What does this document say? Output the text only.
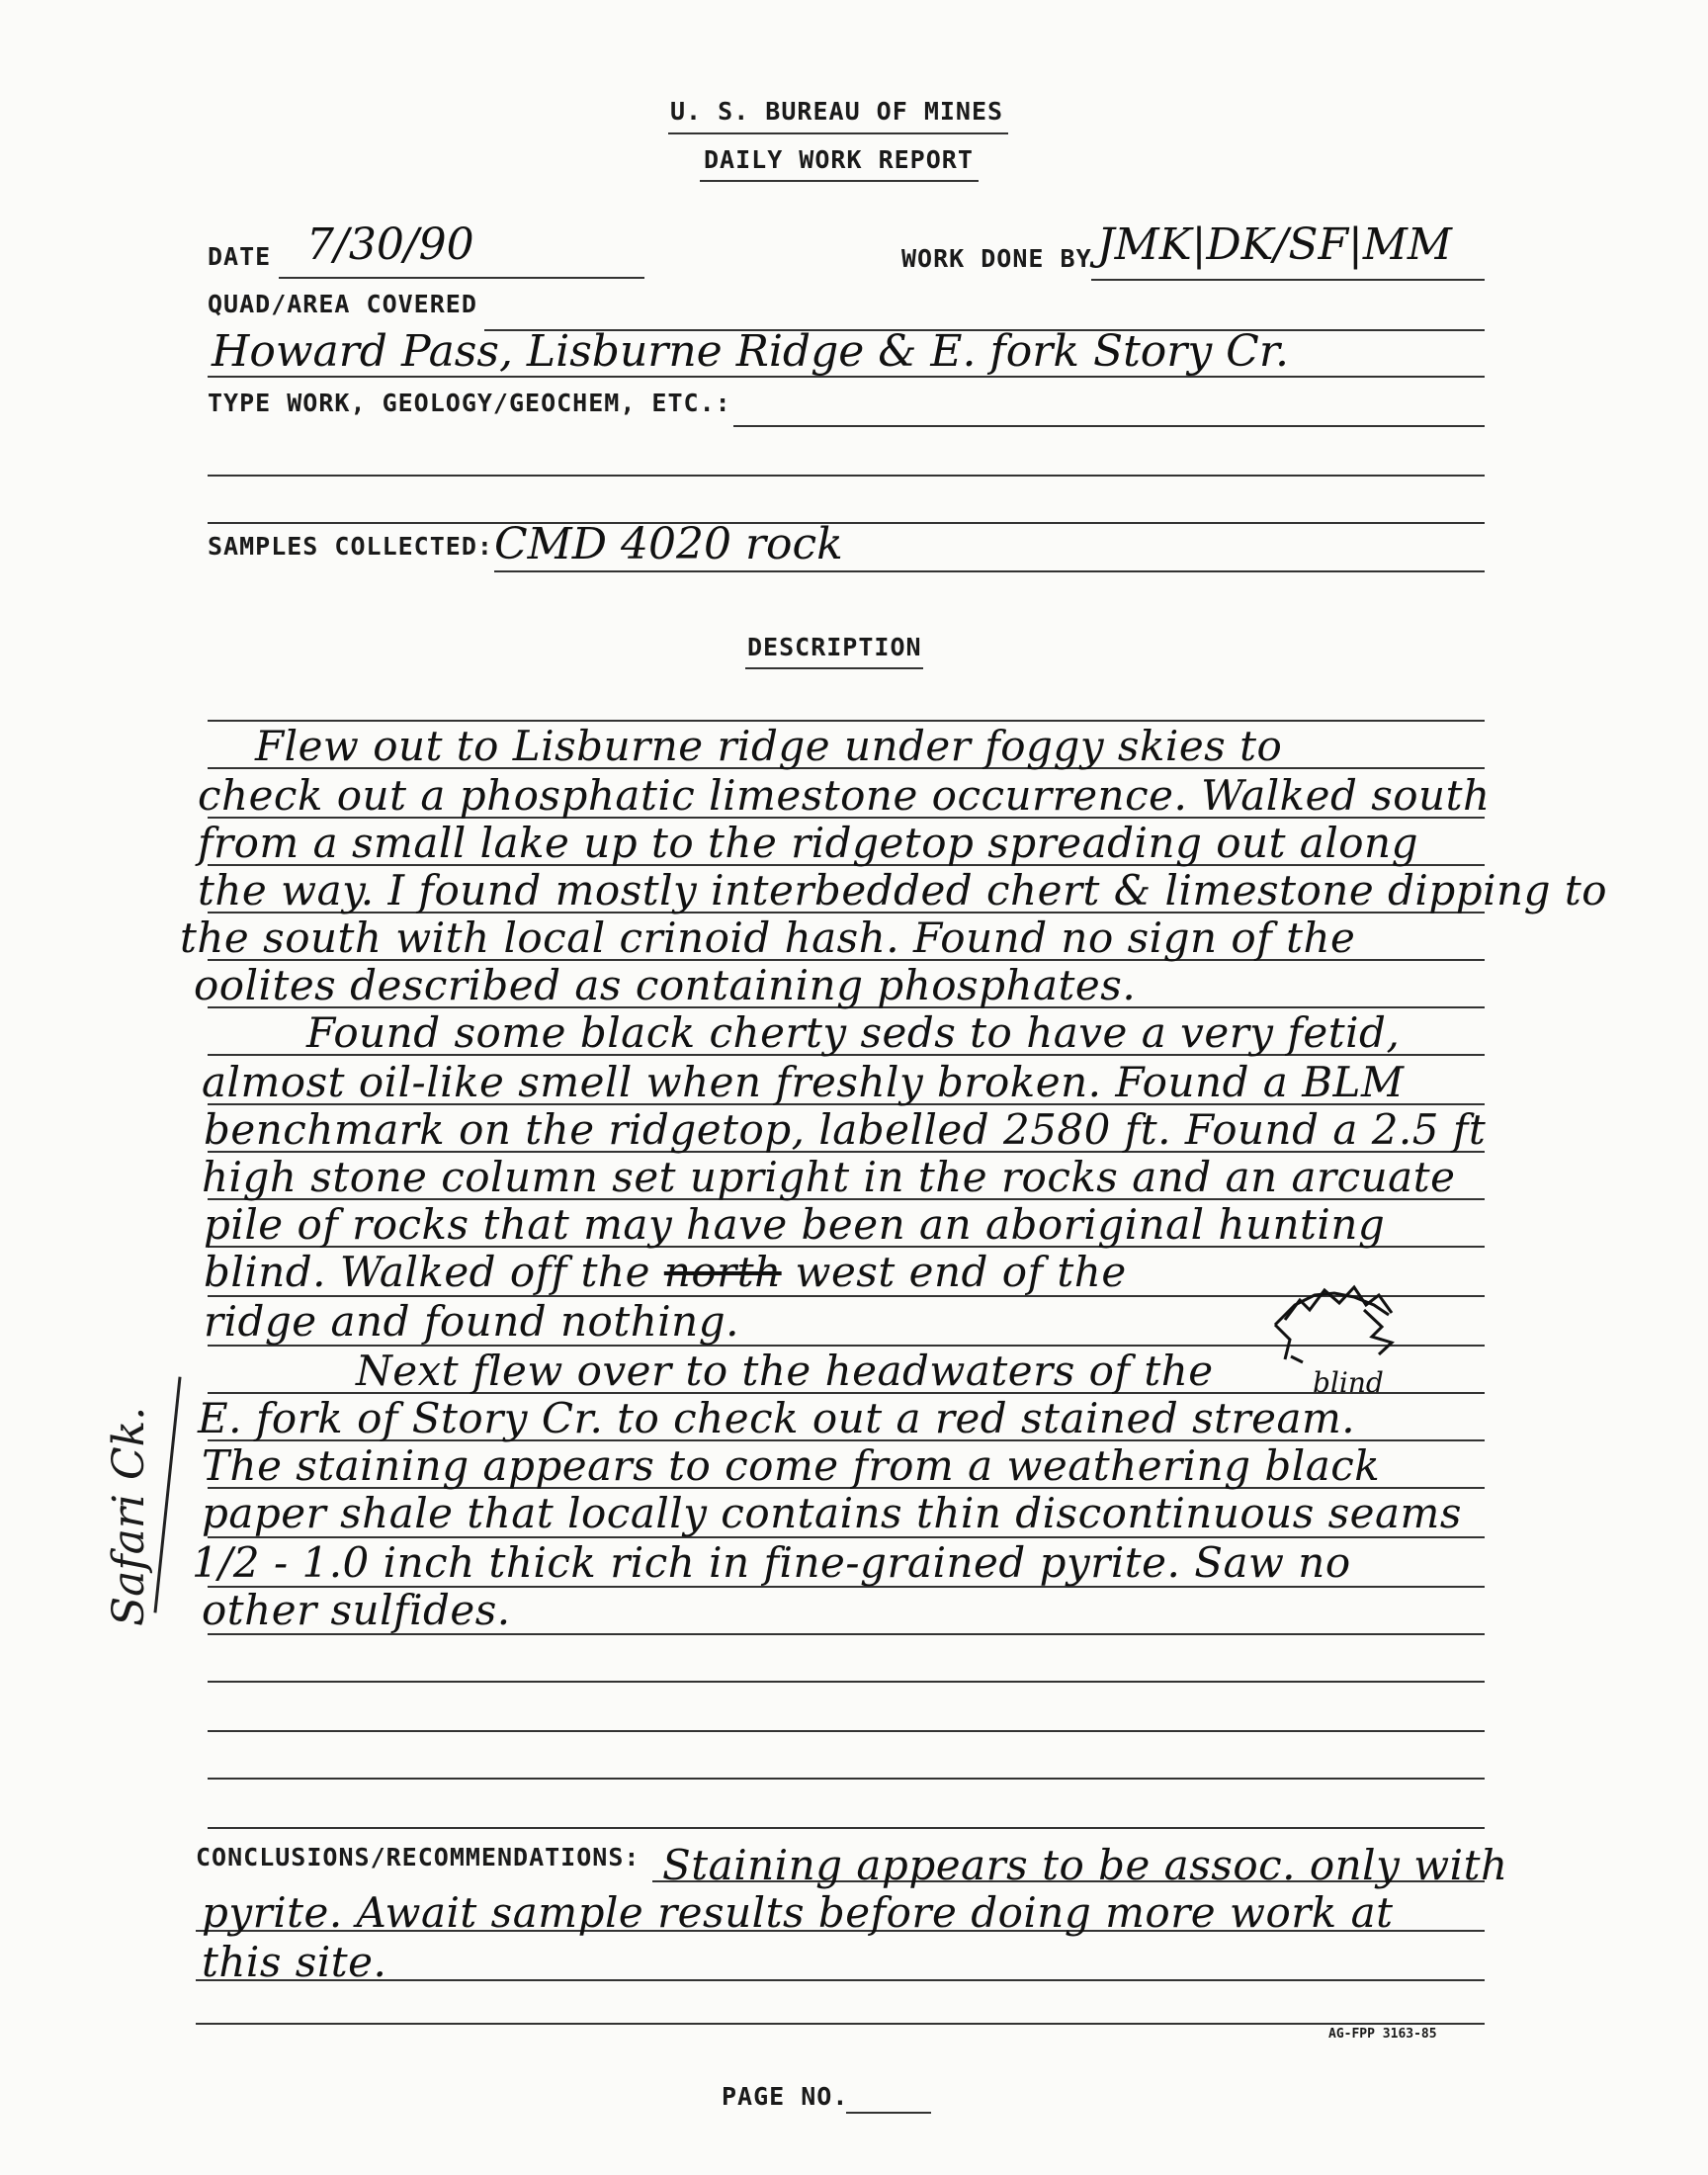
U. S. BUREAU OF MINES
DAILY WORK REPORT
DATE 7/30/90	WORK DONE BY JMK|DK/SF|MM
QUAD/AREA COVERED
Howard Pass, Lisburne Ridge & E. fork Story Cr.
TYPE WORK, GEOLOGY/GEOCHEM, ETC.:
SAMPLES COLLECTED: CMD 4020 rock
DESCRIPTION
Flew out to Lisburne ridge under foggy skies to
check out a phosphatic limestone occurrence. Walked south
from a small lake up to the ridgetop spreading out along
the way. I found mostly interbedded chert & limestone dipping to
the south with local crinoid hash. Found no sign of the
oolites described as containing phosphates.
Found some black cherty seds to have a very fetid,
almost oil-like smell when freshly broken. Found a BLM
benchmark on the ridgetop, labelled 2580 ft. Found a 2.5 ft
high stone column set upright in the rocks and an arcuate
pile of rocks that may have been an aboriginal hunting
blind. Walked off the north west end of the
ridge and found nothing.
Next flew over to the headwaters of the
E. fork of Story Cr. to check out a red stained stream.
The staining appears to come from a weathering black
paper shale that locally contains thin discontinuous seams
1/2 - 1.0 inch thick rich in fine-grained pyrite. Saw no
other sulfides.
blind
Safari Ck.
CONCLUSIONS/RECOMMENDATIONS: Staining appears to be assoc. only with
pyrite. Await sample results before doing more work at
this site.
AG-FPP 3163-85
PAGE NO.
